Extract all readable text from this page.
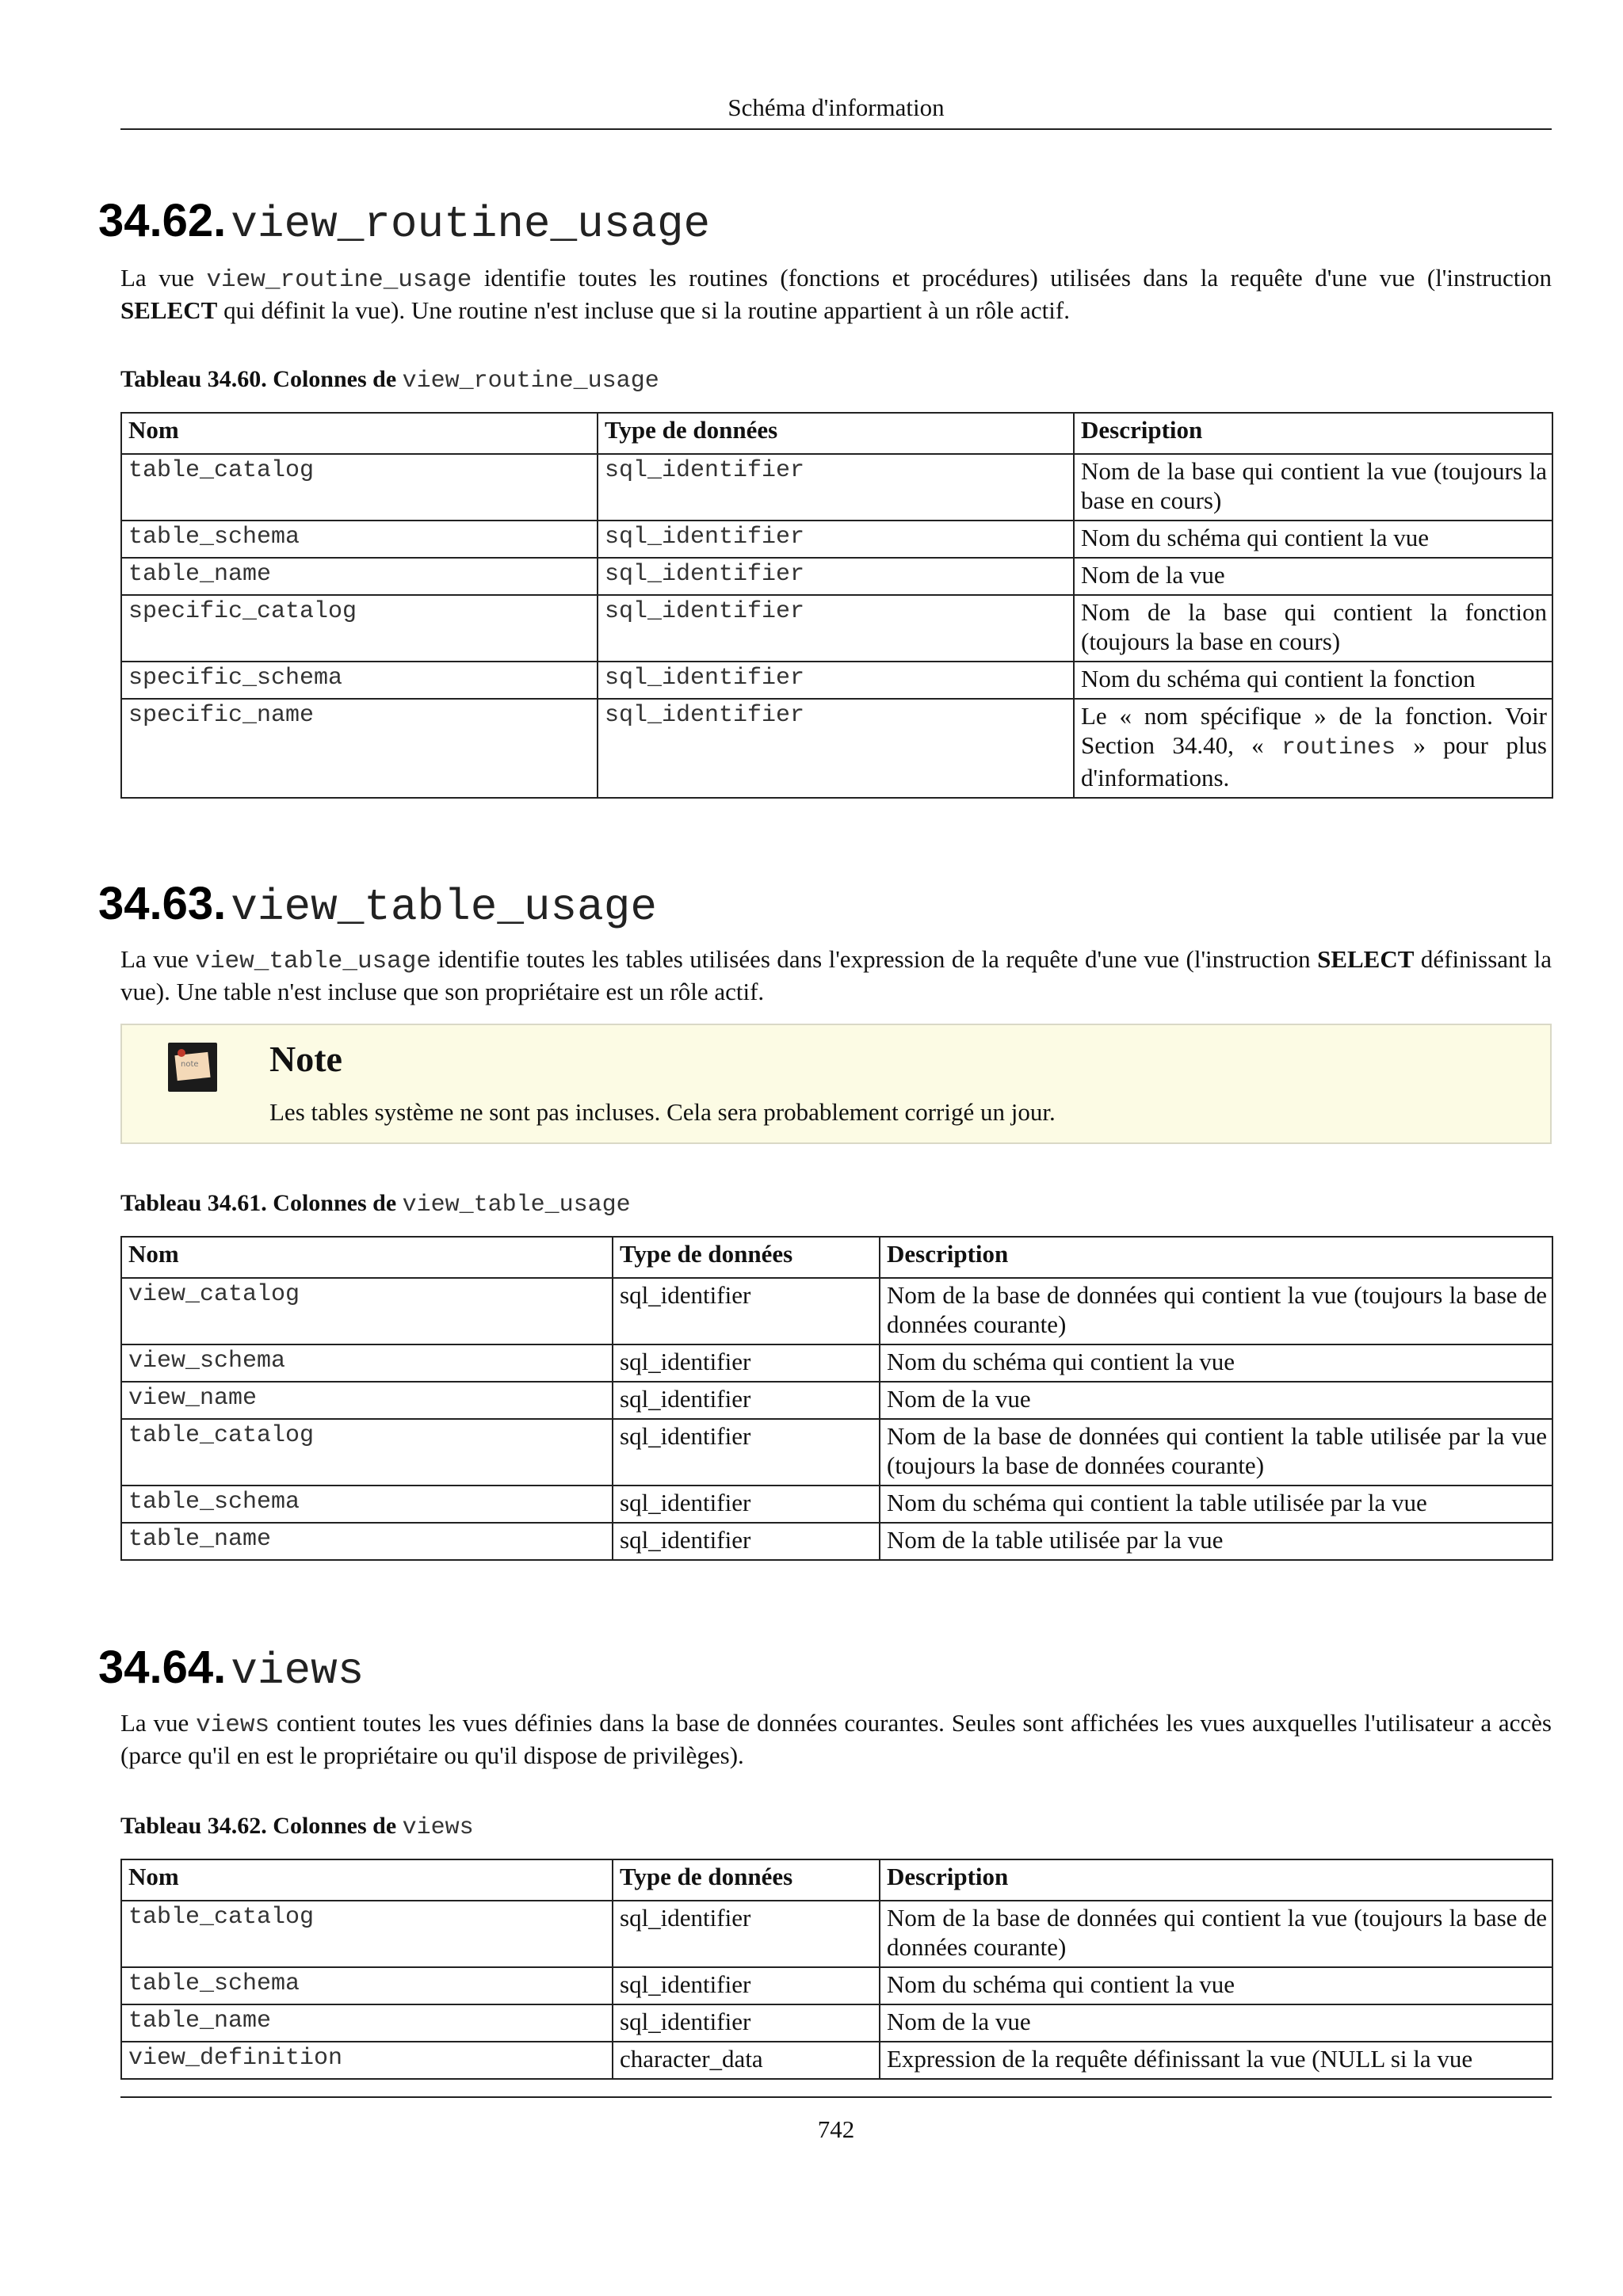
Schéma d'information
34.62. view_routine_usage

La vue view_routine_usage identifie toutes les routines (fonctions et procédures) utilisées dans la requête d'une vue (l'instruction SELECT qui définit la vue). Une routine n'est incluse que si la routine appartient à un rôle actif.

Tableau 34.60. Colonnes de view_routine_usage

Nom	Type de données	Description
table_catalog	sql_identifier	Nom de la base qui contient la vue (toujours la base en cours)
table_schema	sql_identifier	Nom du schéma qui contient la vue
table_name	sql_identifier	Nom de la vue
specific_catalog	sql_identifier	Nom de la base qui contient la fonction (toujours la base en cours)
specific_schema	sql_identifier	Nom du schéma qui contient la fonction
specific_name	sql_identifier	Le « nom spécifique » de la fonction. Voir Section 34.40, « routines » pour plus d'informations.
34.63. view_table_usage

La vue view_table_usage identifie toutes les tables utilisées dans l'expression de la requête d'une vue (l'instruction SELECT définissant la vue). Une table n'est incluse que son propriétaire est un rôle actif.

note Note

Les tables système ne sont pas incluses. Cela sera probablement corrigé un jour.

Tableau 34.61. Colonnes de view_table_usage

Nom	Type de données	Description
view_catalog	sql_identifier	Nom de la base de données qui contient la vue (toujours la base de données courante)
view_schema	sql_identifier	Nom du schéma qui contient la vue
view_name	sql_identifier	Nom de la vue
table_catalog	sql_identifier	Nom de la base de données qui contient la table utilisée par la vue (toujours la base de données courante)
table_schema	sql_identifier	Nom du schéma qui contient la table utilisée par la vue
table_name	sql_identifier	Nom de la table utilisée par la vue
34.64. views

La vue views contient toutes les vues définies dans la base de données courantes. Seules sont affichées les vues auxquelles l'utilisateur a accès (parce qu'il en est le propriétaire ou qu'il dispose de privilèges).

Tableau 34.62. Colonnes de views

Nom	Type de données	Description
table_catalog	sql_identifier	Nom de la base de données qui contient la vue (toujours la base de données courante)
table_schema	sql_identifier	Nom du schéma qui contient la vue
table_name	sql_identifier	Nom de la vue
view_definition	character_data	Expression de la requête définissant la vue (NULL si la vue
742
